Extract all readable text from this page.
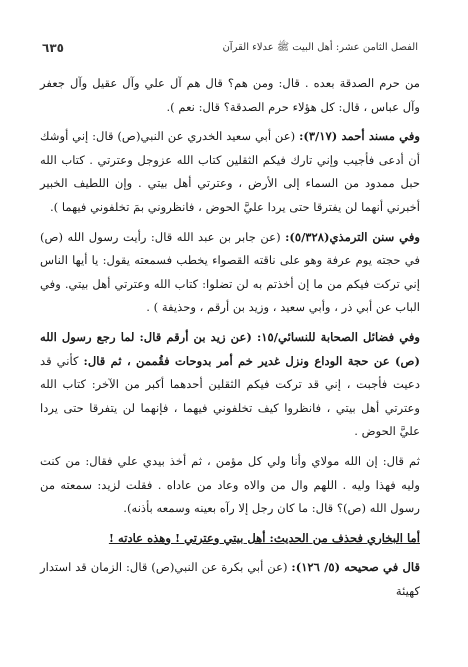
٦٣٥	الفصل الثامن عشر: أهل البيت ﷺ عدلاء القرآن

من حرم الصدقة بعده . قال: ومن هم؟ قال هم آل علي وآل عقيل وآل جعفر وآل عباس ، قال: كل هؤلاء حرم الصدقة؟ قال: نعم ).

وفي مسند أحمد (٣/١٧): (عن أبي سعيد الخدري عن النبي(ص) قال: إني أوشك أن أدعى فأجيب وإني تارك فيكم الثقلين كتاب الله عزوجل وعترتي . كتاب الله حبل ممدود من السماء إلى الأرض ، وعترتي أهل بيتي . وإن اللطيف الخبير أخبرني أنهما لن يفترقا حتى يردا عليَّ الحوض ، فانظروني بمَ تخلفوني فيهما ).

وفي سنن الترمذي(٥/٣٢٨): (عن جابر بن عبد الله قال: رأيت رسول الله (ص) في حجته يوم عرفة وهو على ناقته القصواء يخطب فسمعته يقول: يا أيها الناس إني تركت فيكم من ما إن أخذتم به لن تضلوا: كتاب الله وعترتي أهل بيتي. وفي الباب عن أبي ذر ، وأبي سعيد ، وزيد بن أرقم ، وحذيفة ) .

وفي فضائل الصحابة للنسائي/١٥: (عن زيد بن أرقم قال: لما رجع رسول الله (ص) عن حجة الوداع ونزل غدير خم أمر بدوحات فقُممن ، ثم قال: كأني قد دعيت فأجبت ، إني قد تركت فيكم الثقلين أحدهما أكبر من الآخر: كتاب الله وعترتي أهل بيتي ، فانظروا كيف تخلفوني فيهما ، فإنهما لن يتفرقا حتى يردا عليَّ الحوض .

ثم قال: إن الله مولاي وأنا ولي كل مؤمن ، ثم أخذ بيدي علي فقال: من كنت وليه فهذا وليه . اللهم وال من والاه وعاد من عاداه . فقلت لزيد: سمعته من رسول الله (ص)؟ قال: ما كان رجل إلا رآه بعينه وسمعه بأذنه).

أما البخاري فحذف من الحديث: أهل بيتي وعترتي ! وهذه عادته !

قال في صحيحه (٥/ ١٢٦): (عن أبي بكرة عن النبي(ص) قال: الزمان قد استدار كهيئة
